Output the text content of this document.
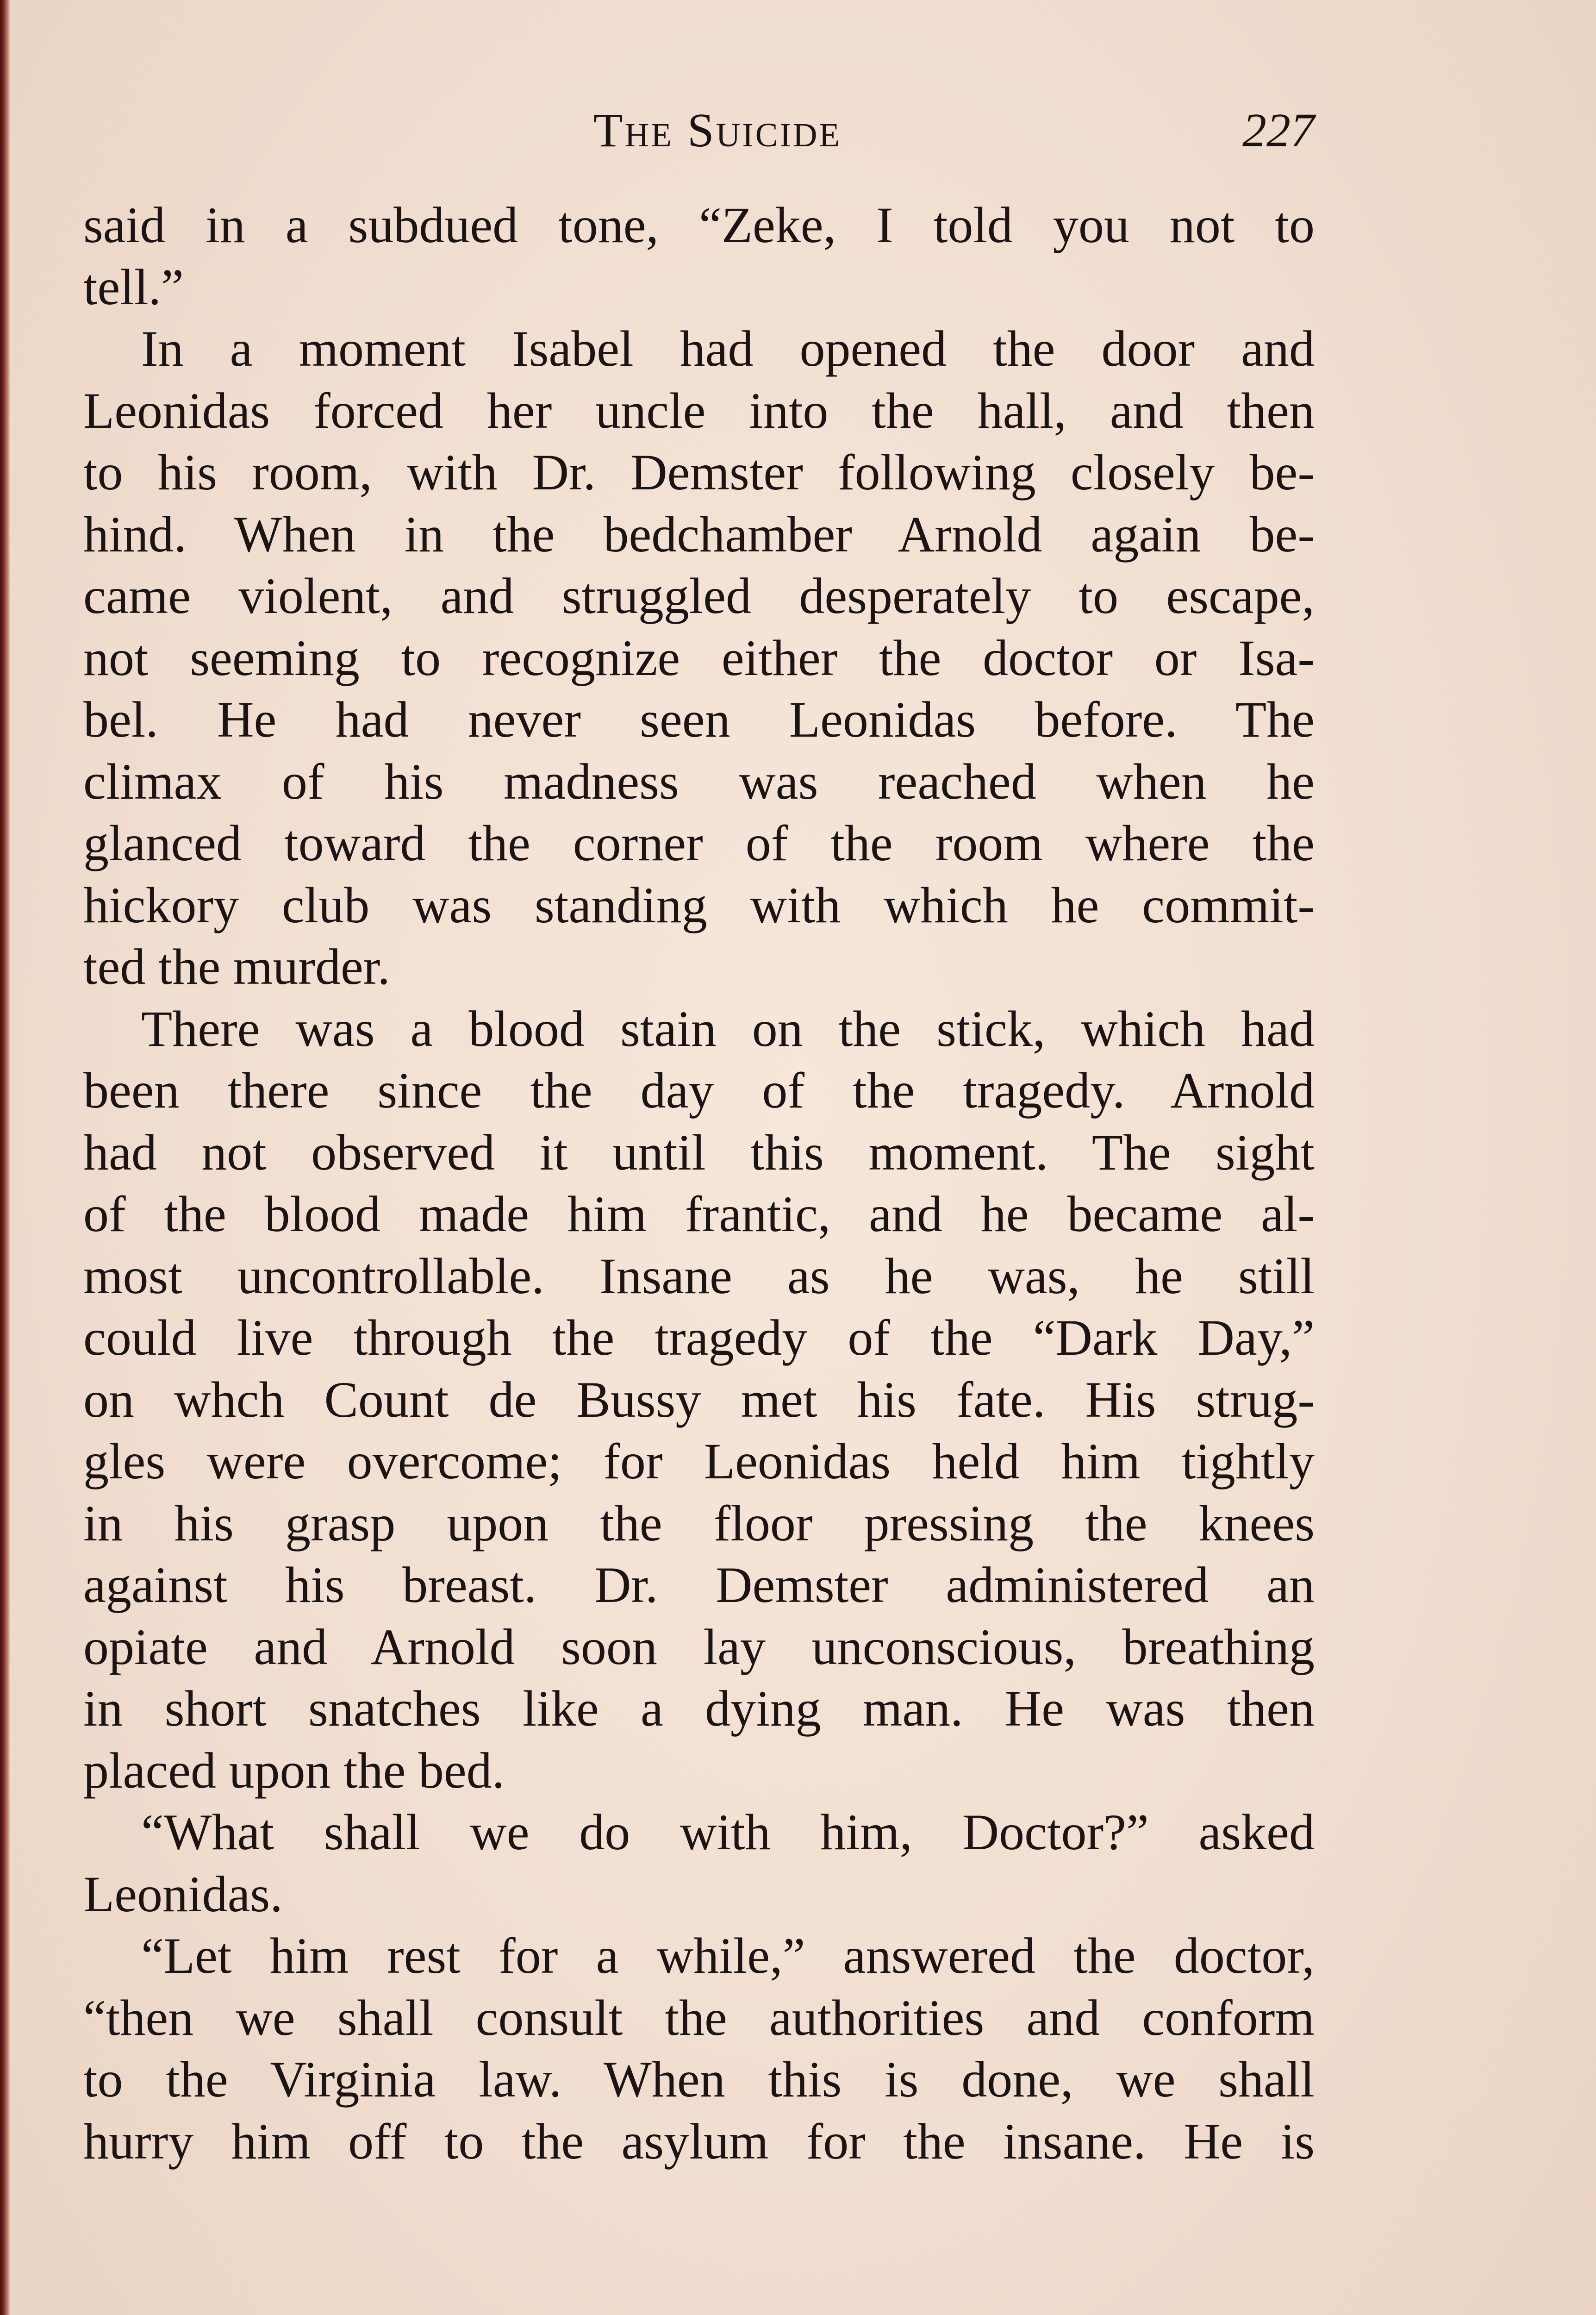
The Suicide	227
said in a subdued tone, “Zeke, I told you not to
tell.”
In a moment Isabel had opened the door and
Leonidas forced her uncle into the hall, and then
to his room, with Dr. Demster following closely be-
hind. When in the bedchamber Arnold again be-
came violent, and struggled desperately to escape,
not seeming to recognize either the doctor or Isa-
bel. He had never seen Leonidas before. The
climax of his madness was reached when he
glanced toward the corner of the room where the
hickory club was standing with which he commit-
ted the murder.
There was a blood stain on the stick, which had
been there since the day of the tragedy. Arnold
had not observed it until this moment. The sight
of the blood made him frantic, and he became al-
most uncontrollable. Insane as he was, he still
could live through the tragedy of the “Dark Day,”
on whch Count de Bussy met his fate. His strug-
gles were overcome; for Leonidas held him tightly
in his grasp upon the floor pressing the knees
against his breast. Dr. Demster administered an
opiate and Arnold soon lay unconscious, breathing
in short snatches like a dying man. He was then
placed upon the bed.
“What shall we do with him, Doctor?” asked
Leonidas.
“Let him rest for a while,” answered the doctor,
“then we shall consult the authorities and conform
to the Virginia law. When this is done, we shall
hurry him off to the asylum for the insane. He is
